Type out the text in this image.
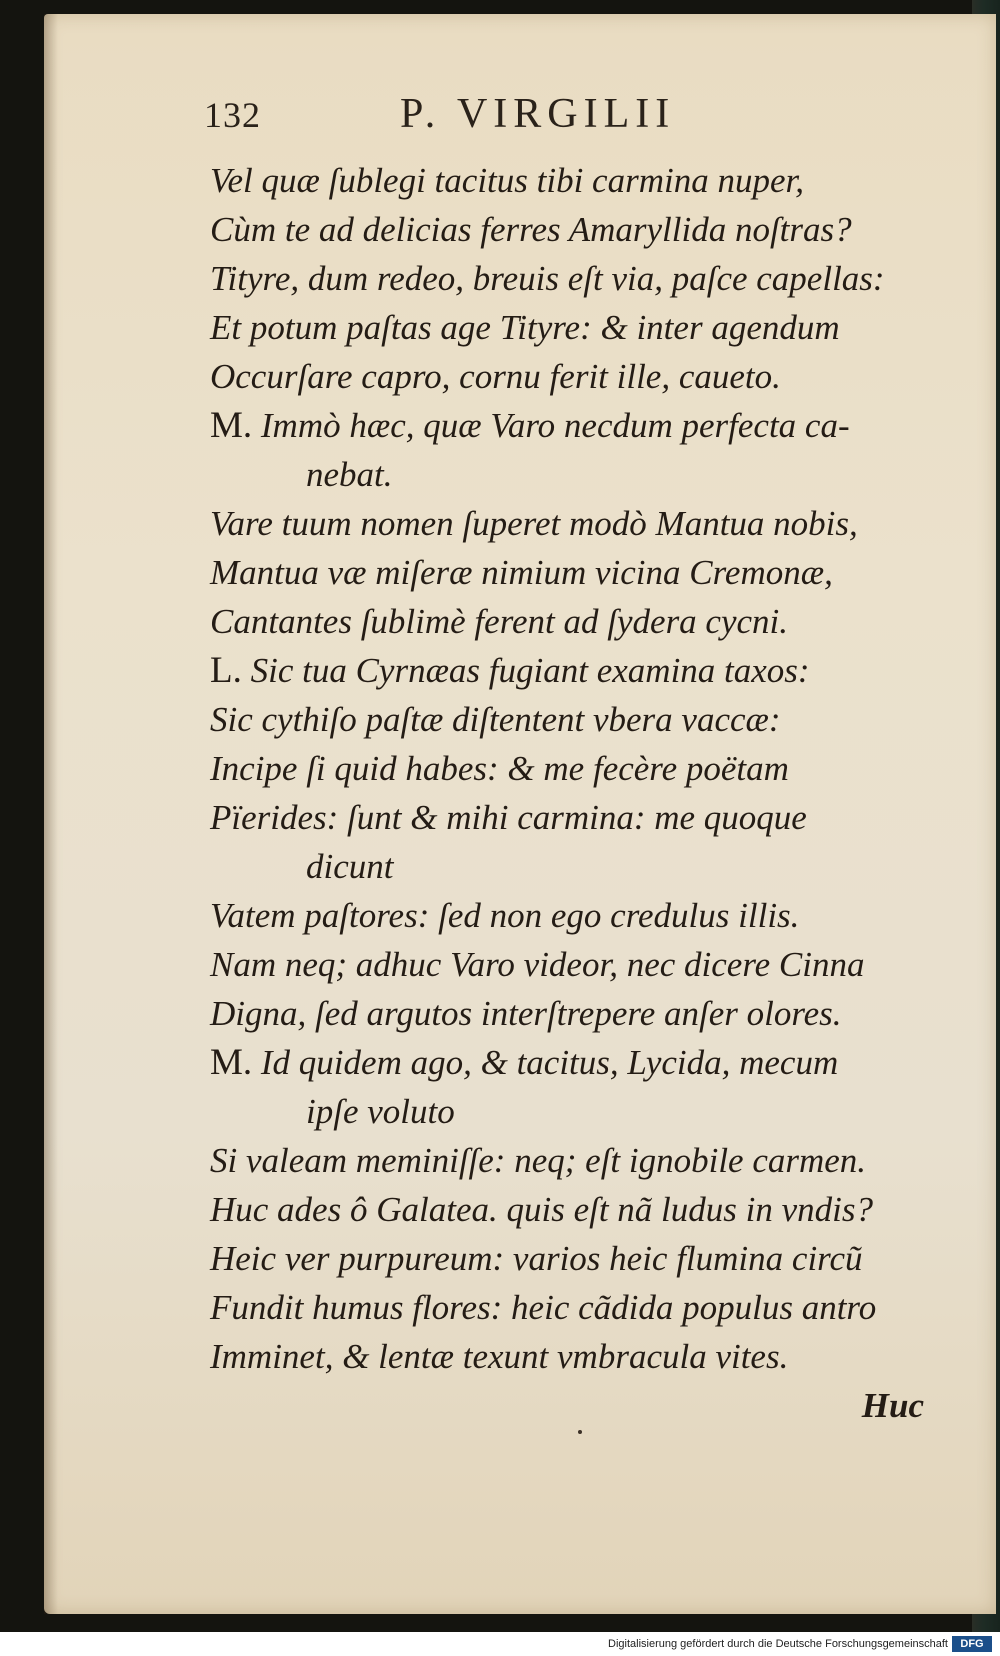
132	P. VIRGILII
Vel quæ ſublegi tacitus tibi carmina nuper,
Cùm te ad delicias ferres Amaryllida noſtras?
Tityre, dum redeo, breuis eſt via, paſce capellas:
Et potum paſtas age Tityre: & inter agendum
Occurſare capro, cornu ferit ille, caueto.
M. Immò hæc, quæ Varo necdum perfecta ca-
nebat.
Vare tuum nomen ſuperet modò Mantua nobis,
Mantua væ miſeræ nimium vicina Cremonæ,
Cantantes ſublimè ferent ad ſydera cycni.
L. Sic tua Cyrnæas fugiant examina taxos:
Sic cythiſo paſtæ diſtentent vbera vaccæ:
Incipe ſi quid habes: & me fecère poëtam
Pïerides: ſunt & mihi carmina: me quoque
dicunt
Vatem paſtores: ſed non ego credulus illis.
Nam neq; adhuc Varo videor, nec dicere Cinna
Digna, ſed argutos interſtrepere anſer olores.
M. Id quidem ago, & tacitus, Lycida, mecum
ipſe voluto
Si valeam meminiſſe: neq; eſt ignobile carmen.
Huc ades ô Galatea. quis eſt nã ludus in vndis?
Heic ver purpureum: varios heic flumina circũ
Fundit humus flores: heic cãdida populus antro
Imminet, & lentæ texunt vmbracula vites.
Huc
Digitalisierung gefördert durch die Deutsche Forschungsgemeinschaft	DFG
